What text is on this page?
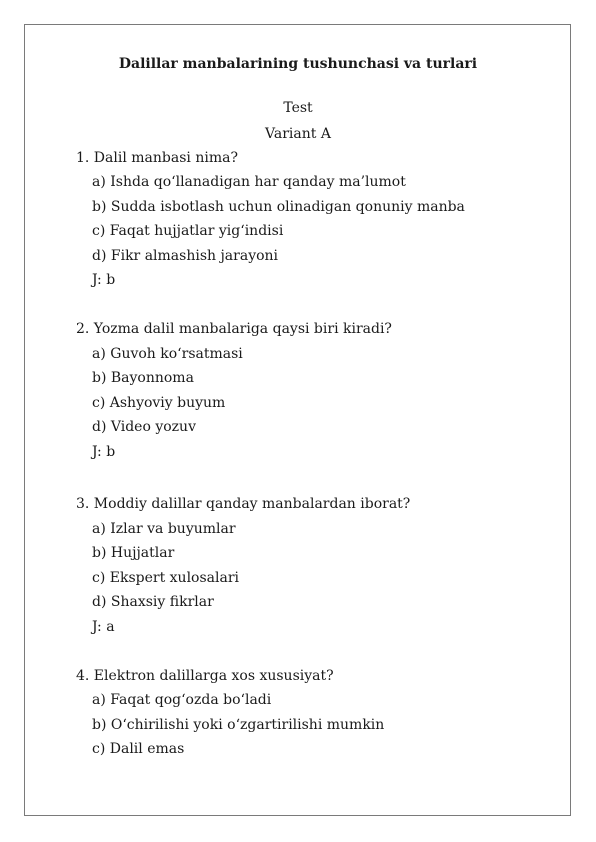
Dalillar manbalarining tushunchasi va turlari
Test
Variant A
1. Dalil manbasi nima?
a) Ishda qo‘llanadigan har qanday ma’lumot
b) Sudda isbotlash uchun olinadigan qonuniy manba
c) Faqat hujjatlar yig‘indisi
d) Fikr almashish jarayoni
J: b
2. Yozma dalil manbalariga qaysi biri kiradi?
a) Guvoh ko‘rsatmasi
b) Bayonnoma
c) Ashyoviy buyum
d) Video yozuv
J: b
3. Moddiy dalillar qanday manbalardan iborat?
a) Izlar va buyumlar
b) Hujjatlar
c) Ekspert xulosalari
d) Shaxsiy fikrlar
J: a
4. Elektron dalillarga xos xususiyat?
a) Faqat qog‘ozda bo‘ladi
b) O‘chirilishi yoki o‘zgartirilishi mumkin
c) Dalil emas
